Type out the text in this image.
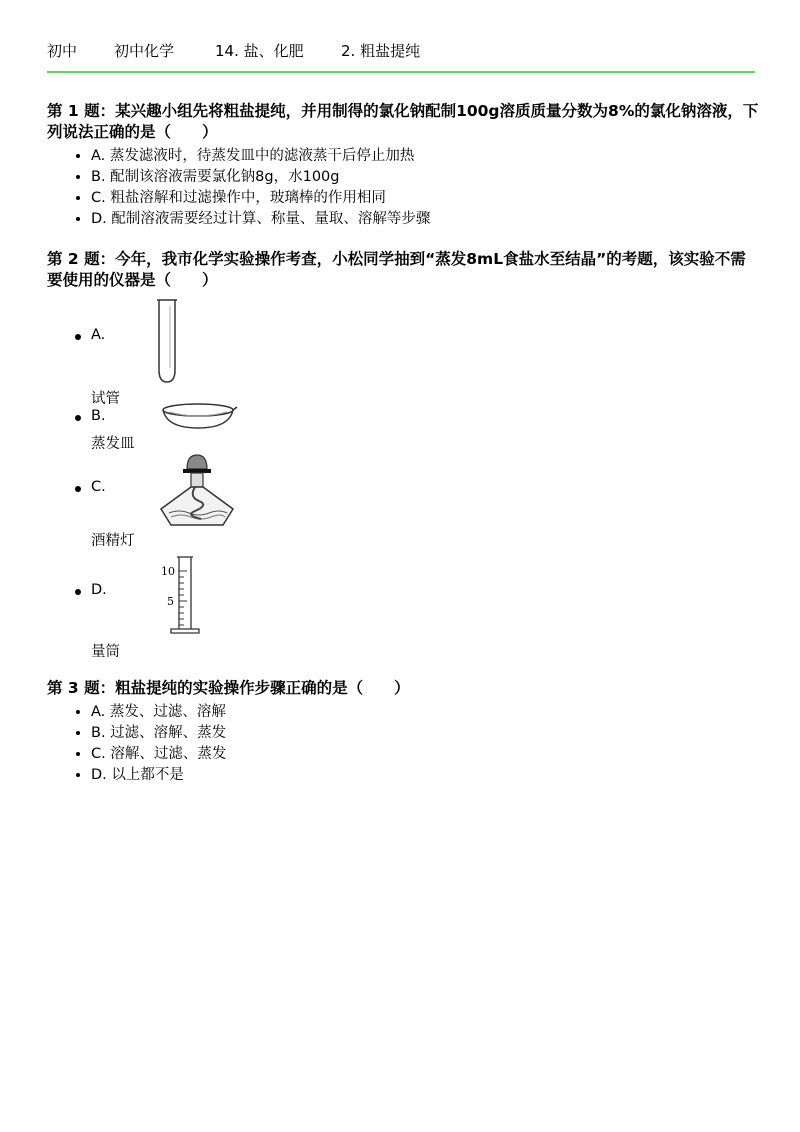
初中 初中化学	14. 盐、化肥 2. 粗盐提纯
第 1 题：某兴趣小组先将粗盐提纯，并用制得的氯化钠配制100g溶质质量分数为8%的氯化钠溶液，下列说法正确的是（　　）
• A. 蒸发滤液时，待蒸发皿中的滤液蒸干后停止加热
• B. 配制该溶液需要氯化钠8g，水100g
• C. 粗盐溶解和过滤操作中，玻璃棒的作用相同
• D. 配制溶液需要经过计算、称量、量取、溶解等步骤
第 2 题：今年，我市化学实验操作考查，小松同学抽到“蒸发8mL食盐水至结晶”的考题，该实验不需要使用的仪器是（　　）
A.
试管
B.
蒸发皿
C.
酒精灯
D.
10
5
量筒
第 3 题：粗盐提纯的实验操作步骤正确的是（　　）
• A. 蒸发、过滤、溶解
• B. 过滤、溶解、蒸发
• C. 溶解、过滤、蒸发
• D. 以上都不是
